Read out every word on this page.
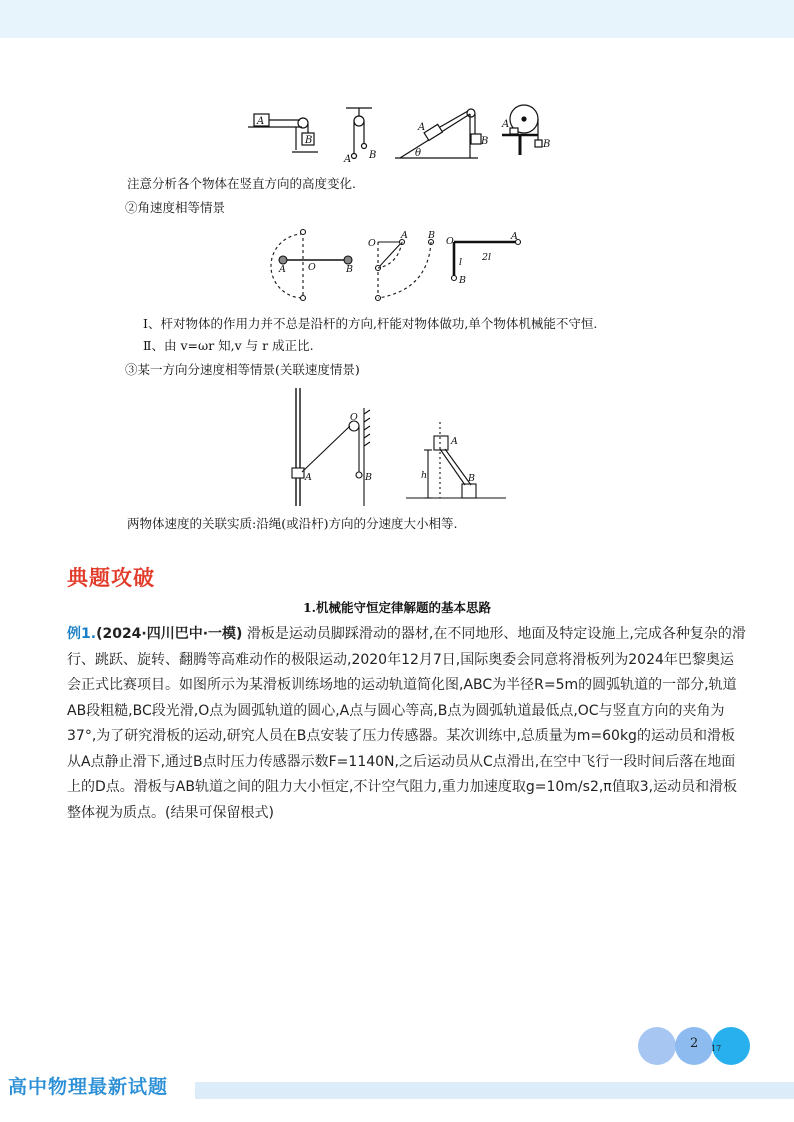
A
B
A B
A
B
θ
A
B
注意分析各个物体在竖直方向的高度变化.
②角速度相等情景
A O	B
O
A B
O	A
2l
l
B
Ⅰ、杆对物体的作用力并不总是沿杆的方向,杆能对物体做功,单个物体机械能不守恒.
Ⅱ、由 v=ωr 知,v 与 r 成正比.
③某一方向分速度相等情景(关联速度情景)
A
O
B
A
B
h
两物体速度的关联实质:沿绳(或沿杆)方向的分速度大小相等.
典题攻破
1.机械能守恒定律解题的基本思路
例1.(2024·四川巴中·一模) 滑板是运动员脚踩滑动的器材,在不同地形、地面及特定设施上,完成各种复杂的滑行、跳跃、旋转、翻腾等高难动作的极限运动,2020年12月7日,国际奥委会同意将滑板列为2024年巴黎奥运会正式比赛项目。如图所示为某滑板训练场地的运动轨道简化图,ABC为半径R=5m的圆弧轨道的一部分,轨道AB段粗糙,BC段光滑,O点为圆弧轨道的圆心,A点与圆心等高,B点为圆弧轨道最低点,OC与竖直方向的夹角为37°,为了研究滑板的运动,研究人员在B点安装了压力传感器。某次训练中,总质量为m=60kg的运动员和滑板从A点静止滑下,通过B点时压力传感器示数F=1140N,之后运动员从C点滑出,在空中飞行一段时间后落在地面上的D点。滑板与AB轨道之间的阻力大小恒定,不计空气阻力,重力加速度取g=10m/s2,π值取3,运动员和滑板整体视为质点。(结果可保留根式)
2 17
高中物理最新试题
